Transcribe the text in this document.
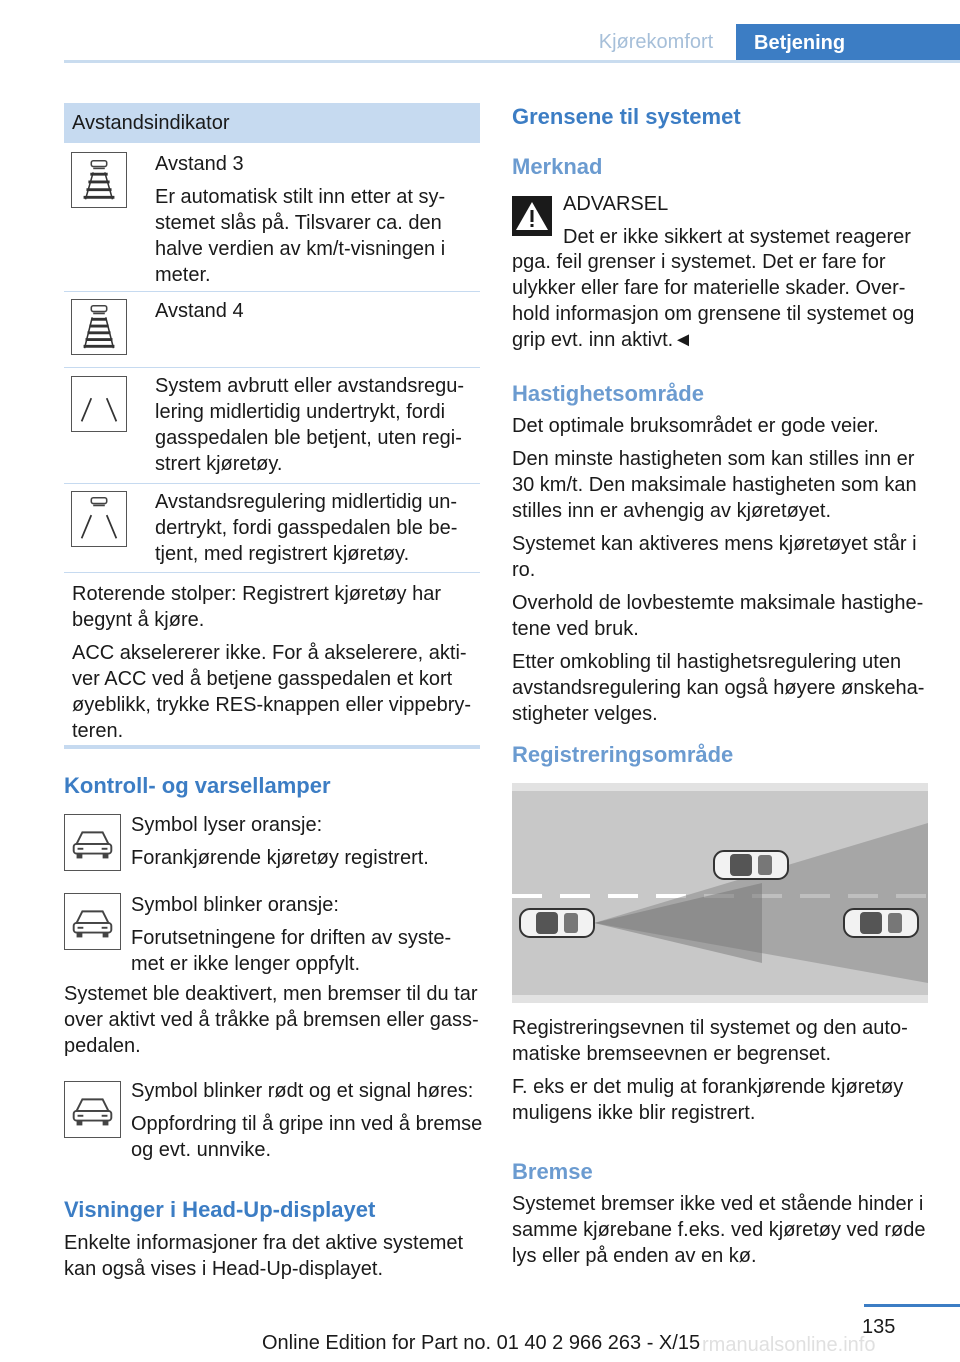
Kjørekomfort	Betjening
Avstandsindikator

Avstand 3

Er automatisk stilt inn etter at sy-

stemet slås på. Tilsvarer ca. den

halve verdien av km/t-visningen i

meter.

Avstand 4

System avbrutt eller avstandsregu-

lering midlertidig undertrykt, fordi

gasspedalen ble betjent, uten regi-

strert kjøretøy.

Avstandsregulering midlertidig un-

dertrykt, fordi gasspedalen ble be-

tjent, med registrert kjøretøy.

Roterende stolper: Registrert kjøretøy har

begynt å kjøre.

ACC akselererer ikke. For å akselerere, akti-

ver ACC ved å betjene gasspedalen et kort

øyeblikk, trykke RES-knappen eller vippebry-

teren.

Kontroll- og varsellamper

Symbol lyser oransje:

Forankjørende kjøretøy registrert.

Symbol blinker oransje:

Forutsetningene for driften av syste-

met er ikke lenger oppfylt.

Systemet ble deaktivert, men bremser til du tar

over aktivt ved å tråkke på bremsen eller gass-

pedalen.

Symbol blinker rødt og et signal høres:

Oppfordring til å gripe inn ved å bremse

og evt. unnvike.

Visninger i Head-Up-displayet

Enkelte informasjoner fra det aktive systemet

kan også vises i Head-Up-displayet.

Grensene til systemet
Merknad
ADVARSEL
Det er ikke sikkert at systemet reagerer

pga. feil grenser i systemet. Det er fare for

ulykker eller fare for materielle skader. Over-

hold informasjon om grensene til systemet og

grip evt. inn aktivt.◄

Hastighetsområde

Det optimale bruksområdet er gode veier.

Den minste hastigheten som kan stilles inn er

30 km/t. Den maksimale hastigheten som kan

stilles inn er avhengig av kjøretøyet.

Systemet kan aktiveres mens kjøretøyet står i

ro.

Overhold de lovbestemte maksimale hastighe-

tene ved bruk.

Etter omkobling til hastighetsregulering uten

avstandsregulering kan også høyere ønskeha-

stigheter velges.

Registreringsområde

Registreringsevnen til systemet og den auto-

matiske bremseevnen er begrenset.

F. eks er det mulig at forankjørende kjøretøy

muligens ikke blir registrert.

Bremse

Systemet bremser ikke ved et stående hinder i

samme kjørebane f.eks. ved kjøretøy ved røde

lys eller på enden av en kø.

135
Online Edition for Part no. 01 40 2 966 263 - X/15 rmanualsonline.info
